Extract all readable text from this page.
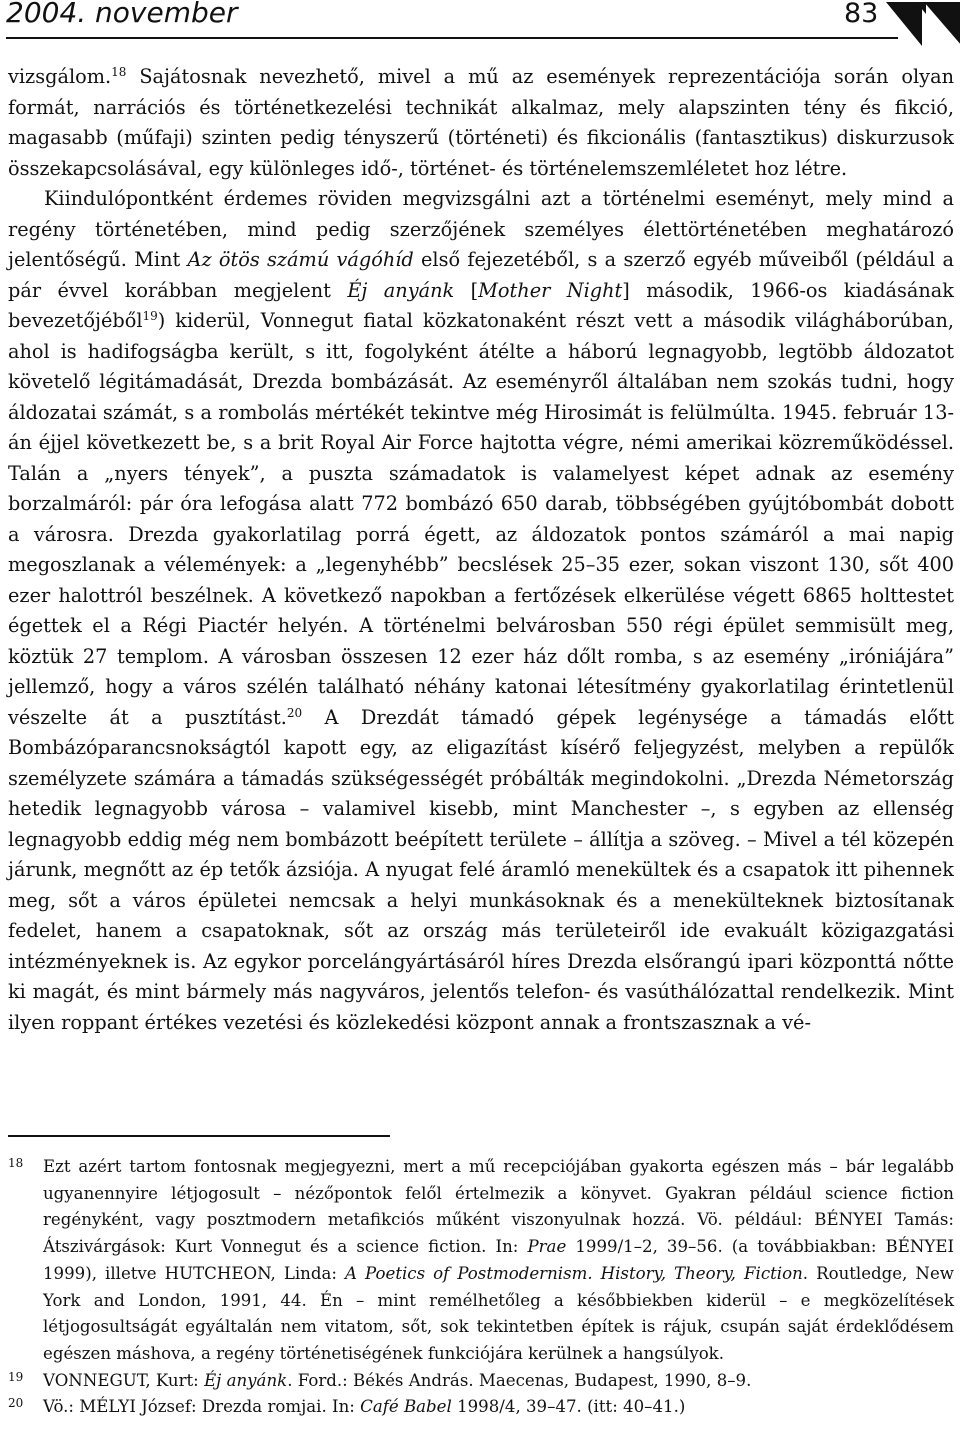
2004. november	83

vizsgálom.$^{18}$ Sajátosnak nevezhető, mivel a mű az események reprezentációja során olyan formát, narrációs és történetkezelési technikát alkalmaz, mely alapszinten tény és fikció, magasabb (műfaji) szinten pedig tényszerű (történeti) és fikcionális (fantasztikus) diskurzusok összekapcsolásával, egy különleges idő-, történet- és történelemszemléletet hoz létre.

Kiindulópontként érdemes röviden megvizsgálni azt a történelmi eseményt, mely mind a regény történetében, mind pedig szerzőjének személyes élettörténetében meghatározó jelentőségű. Mint Az ötös számú vágóhíd első fejezetéből, s a szerző egyéb műveiből (például a pár évvel korábban megjelent Éj anyánk [Mother Night] második, 1966-os kiadásának bevezetőjéből$^{19}$) kiderül, Vonnegut fiatal közkatonaként részt vett a második világháborúban, ahol is hadifogságba került, s itt, fogolyként átélte a háború legnagyobb, legtöbb áldozatot követelő légitámadását, Drezda bombázását. Az eseményről általában nem szokás tudni, hogy áldozatai számát, s a rombolás mértékét tekintve még Hirosimát is felülmúlta. 1945. február 13-án éjjel következett be, s a brit Royal Air Force hajtotta végre, némi amerikai közreműködéssel. Talán a „nyers tények”, a puszta számadatok is valamelyest képet adnak az esemény borzalmáról: pár óra lefogása alatt 772 bombázó 650 darab, többségében gyújtóbombát dobott a városra. Drezda gyakorlatilag porrá égett, az áldozatok pontos számáról a mai napig megoszlanak a vélemények: a „legenyhébb” becslések 25–35 ezer, sokan viszont 130, sőt 400 ezer halottról beszélnek. A következő napokban a fertőzések elkerülése végett 6865 holttestet égettek el a Régi Piactér helyén. A történelmi belvárosban 550 régi épület semmisült meg, köztük 27 templom. A városban összesen 12 ezer ház dőlt romba, s az esemény „iróniájára” jellemző, hogy a város szélén található néhány katonai létesítmény gyakorlatilag érintetlenül vészelte át a pusztítást.$^{20}$ A Drezdát támadó gépek legénysége a támadás előtt Bombázóparancsnokságtól kapott egy, az eligazítást kísérő feljegyzést, melyben a repülők személyzete számára a támadás szükségességét próbálták megindokolni. „Drezda Németország hetedik legnagyobb városa – valamivel kisebb, mint Manchester –, s egyben az ellenség legnagyobb eddig még nem bombázott beépített területe – állítja a szöveg. – Mivel a tél közepén járunk, megnőtt az ép tetők ázsiója. A nyugat felé áramló menekültek és a csapatok itt pihennek meg, sőt a város épületei nemcsak a helyi munkásoknak és a menekülteknek biztosítanak fedelet, hanem a csapatoknak, sőt az ország más területeiről ide evakuált közigazgatási intézményeknek is. Az egykor porcelángyártásáról híres Drezda elsőrangú ipari központtá nőtte ki magát, és mint bármely más nagyváros, jelentős telefon- és vasúthálózattal rendelkezik. Mint ilyen roppant értékes vezetési és közlekedési központ annak a frontszasznak a vé-

18	Ezt azért tartom fontosnak megjegyezni, mert a mű recepciójában gyakorta egészen más – bár legalább ugyanennyire létjogosult – nézőpontok felől értelmezik a könyvet. Gyakran például science fiction regényként, vagy posztmodern metafikciós műként viszonyulnak hozzá. Vö. például: BÉNYEI Tamás: Átszivárgások: Kurt Vonnegut és a science fiction. In: Prae 1999/1–2, 39–56. (a továbbiakban: BÉNYEI 1999), illetve HUTCHEON, Linda: A Poetics of Postmodernism. History, Theory, Fiction. Routledge, New York and London, 1991, 44. Én – mint remélhetőleg a későbbiekben kiderül – e megközelítések létjogosultságát egyáltalán nem vitatom, sőt, sok tekintetben építek is rájuk, csupán saját érdeklődésem egészen máshova, a regény történetiségének funkciójára kerülnek a hangsúlyok.
19	VONNEGUT, Kurt: Éj anyánk. Ford.: Békés András. Maecenas, Budapest, 1990, 8–9.
20	Vö.: MÉLYI József: Drezda romjai. In: Café Babel 1998/4, 39–47. (itt: 40–41.)
